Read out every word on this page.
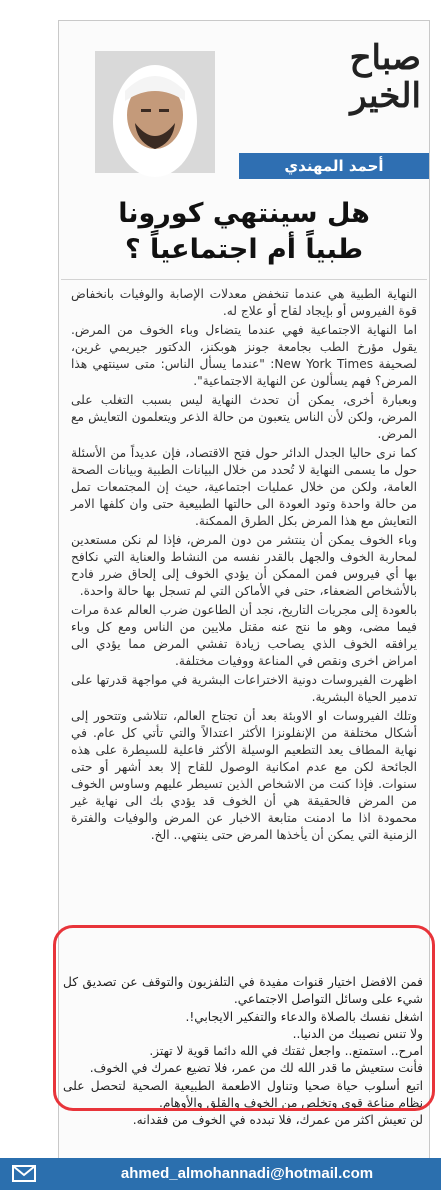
صباح الخير
أحمد المهندي
هل سينتهي كورونا
طبياً أم اجتماعياً ؟

النهاية الطبية هي عندما تنخفض معدلات الإصابة والوفيات بانخفاض قوة الفيروس أو بإيجاد لقاح أو علاج له.

اما النهاية الاجتماعية فهي عندما يتضاءل وباء الخوف من المرض. يقول مؤرخ الطب بجامعة جونز هوبكنز، الدكتور جيريمي غرين، لصحيفة New York Times: "عندما يسأل الناس: متى سينتهي هذا المرض؟ فهم يسألون عن النهاية الاجتماعية".

وبعبارة أخرى، يمكن أن تحدث النهاية ليس بسبب التغلب على المرض، ولكن لأن الناس يتعبون من حالة الذعر ويتعلمون التعايش مع المرض.

كما نرى حاليا الجدل الدائر حول فتح الاقتصاد، فإن عديداً من الأسئلة حول ما يسمى النهاية لا تُحدد من خلال البيانات الطبية وبيانات الصحة العامة، ولكن من خلال عمليات اجتماعية، حيث إن المجتمعات تمل من حالة واحدة وتود العودة الى حالتها الطبيعية حتى وان كلفها الامر التعايش مع هذا المرض بكل الطرق الممكنة.

وباء الخوف يمكن أن ينتشر من دون المرض، فإذا لم نكن مستعدين لمحاربة الخوف والجهل بالقدر نفسه من النشاط والعناية التي نكافح بها أي فيروس فمن الممكن أن يؤدي الخوف إلى إلحاق ضرر فادح بالأشخاص الضعفاء، حتى في الأماكن التي لم تسجل بها حالة واحدة.

بالعودة إلى مجريات التاريخ، نجد أن الطاعون ضرب العالم عدة مرات فيما مضى، وهو ما نتج عنه مقتل ملايين من الناس ومع كل وباء يرافقه الخوف الذي يصاحب زيادة تفشي المرض مما يؤدي الى امراض اخرى ونقص في المناعة ووفيات مختلفة.

اظهرت الفيروسات دونية الاختراعات البشرية في مواجهة قدرتها على تدمير الحياة البشرية.

وتلك الفيروسات او الاوبئة بعد أن تجتاح العالم، تتلاشى وتتحور إلى أشكال مختلفة من الإنفلونزا الأكثر اعتدالاً والتي تأتي كل عام. في نهاية المطاف يعد التطعيم الوسيلة الأكثر فاعلية للسيطرة على هذه الجائحة لكن مع عدم امكانية الوصول للقاح إلا بعد أشهر أو حتى سنوات. فإذا كنت من الاشخاص الذين تسيطر عليهم وساوس الخوف من المرض فالحقيقة هي أن الخوف قد يؤدي بك الى نهاية غير محمودة اذا ما ادمنت متابعة الاخبار عن المرض والوفيات والفترة الزمنية التي يمكن أن يأخذها المرض حتى ينتهي.. الخ.

فمن الافضل اختيار قنوات مفيدة في التلفزيون والتوقف عن تصديق كل شيء على وسائل التواصل الاجتماعي.

اشغل نفسك بالصلاة والدعاء والتفكير الايجابي!.

ولا تنس نصيبك من الدنيا..

امرح.. استمتع.. واجعل ثقتك في الله دائما قوية لا تهتز.

فأنت ستعيش ما قدر الله لك من عمر، فلا تضيع عمرك في الخوف.

اتبع أسلوب حياة صحيا وتناول الاطعمة الطبيعية الصحية لتحصل على نظام مناعة قوي وتخلص من الخوف والقلق والأوهام.

لن تعيش اكثر من عمرك، فلا تبدده في الخوف من فقدانه.

ahmed_almohannadi@hotmail.com
